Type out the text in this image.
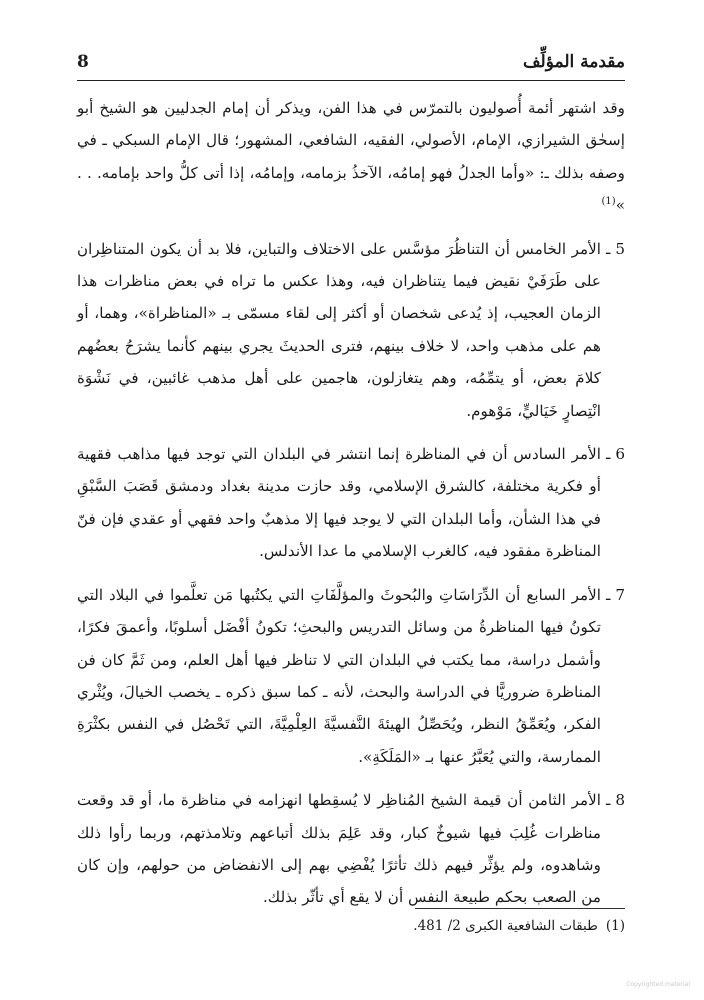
مقدمة المؤلِّف
8

وقد اشتهر أئمة أُصوليون بالتمرّس في هذا الفن، ويذكر أن إمام الجدليين هو الشيخ أبو إسحٰق الشيرازي، الإمام، الأصولي، الفقيه، الشافعي، المشهور؛ قال الإمام السبكي ـ في وصفه بذلك ـ: «وأما الجدلُ فهو إمامُه، الآخذُ بزمامه، وإمامُه، إذا أتى كلُّ واحد بإمامه. . . »$^{(1)}$

5 ـ
الأمر الخامس أن التناظُرَ مؤسَّس على الاختلاف والتباين، فلا بد أن يكون المتناظِران على طَرَفَيْ نقيض فيما يتناظران فيه، وهذا عكس ما تراه في بعض مناظرات هذا الزمان العجيب، إذ يُدعى شخصان أو أكثر إلى لقاء مسمّى بـ «المناظراة»، وهما، أو هم على مذهب واحد، لا خلاف بينهم، فترى الحديثَ يجري بينهم كأنما يشرَحُ بعضُهم كلامَ بعض، أو يتمِّمُه، وهم يتغازلون، هاجمين على أهل مذهب غائبين، في نَشْوَة انْتِصارٍ خَيَاليٍّ، مَوْهوم.
6 ـ
الأمر السادس أن في المناظرة إنما انتشر في البلدان التي توجد فيها مذاهب فقهية أو فكرية مختلفة، كالشرق الإسلامي، وقد حازت مدينة بغداد ودمشق قَصَبَ السَّبْقِ في هذا الشأن، وأما البلدان التي لا يوجد فيها إلا مذهبٌ واحد فقهي أو عقدي فإن فنّ المناظرة مفقود فيه، كالغرب الإسلامي ما عدا الأندلس.
7 ـ
الأمر السابع أن الدِّرَاسَاتِ والبُحوثَ والمؤلَّفَاتِ التي يكتُبها مَن تعلَّموا في البلاد التي تكونُ فيها المناظرةُ من وسائل التدريس والبحثِ؛ تكونُ أفْضَل أسلوبًا، وأعمقَ فكرًا، وأشمل دراسة، مما يكتب في البلدان التي لا تناظر فيها أهل العلم، ومن ثَمَّ كان فن المناظرة ضروريًّا في الدراسة والبحث، لأنه ـ كما سبق ذكره ـ يخصب الخيالَ، ويُثْري الفكر، ويُعَمِّقُ النظر، ويُحَصِّلُ الهيئةَ النَّفسيَّةَ العِلْمِيَّةَ، التي تَحْصُل في النفس بكثْرَةِ الممارسة، والتي يُعَبَّرُ عنها بـ «المَلَكَةِ».
8 ـ
الأمر الثامن أن قيمة الشيخ المُناظِر لا يُسقِطها انهزامه في مناظرة ما، أو قد وقعت مناظرات غُلِبَ فيها شيوخٌ كبار، وقد عَلِمَ بذلك أتباعهم وتلامذتهم، وربما رأوا ذلك وشاهدوه، ولم يؤثِّر فيهم ذلك تأثرًا يُفْضِي بهم إلى الانفضاض من حولهم، وإن كان من الصعب بحكم طبيعة النفس أن لا يقع أي تأثّر بذلك.
(1)طبقات الشافعية الكبرى 2/ 481.
Copyrighted material
